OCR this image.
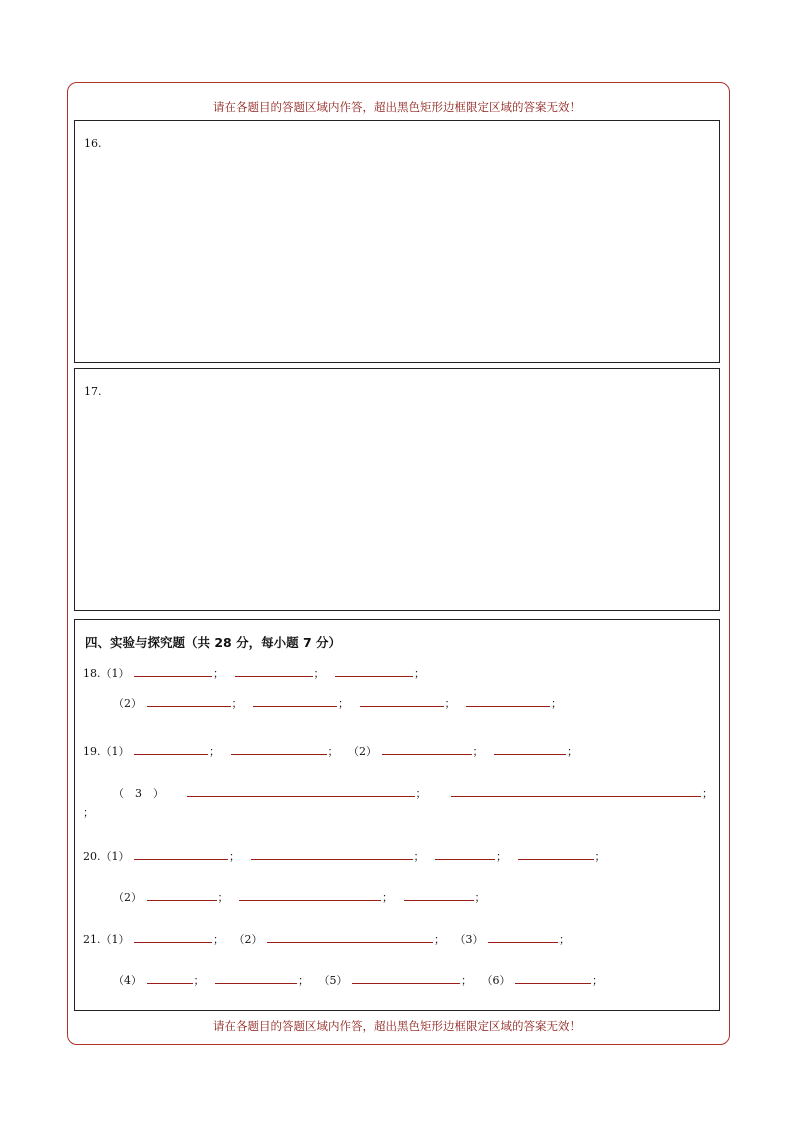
请在各题目的答题区域内作答，超出黑色矩形边框限定区域的答案无效！
16.
17.
四、实验与探究题（共 28 分，每小题 7 分）
18.（1）	；	；	；
（2）	；	；	；	；
19.（1）	；	； （2）	；	；
（　3　）	；	；
；
20.（1）	；	；	；	；
（2）	；	；	；
21.（1）	； （2）	； （3）	；
（4）	；	； （5）	； （6）	；
请在各题目的答题区域内作答，超出黑色矩形边框限定区域的答案无效！
